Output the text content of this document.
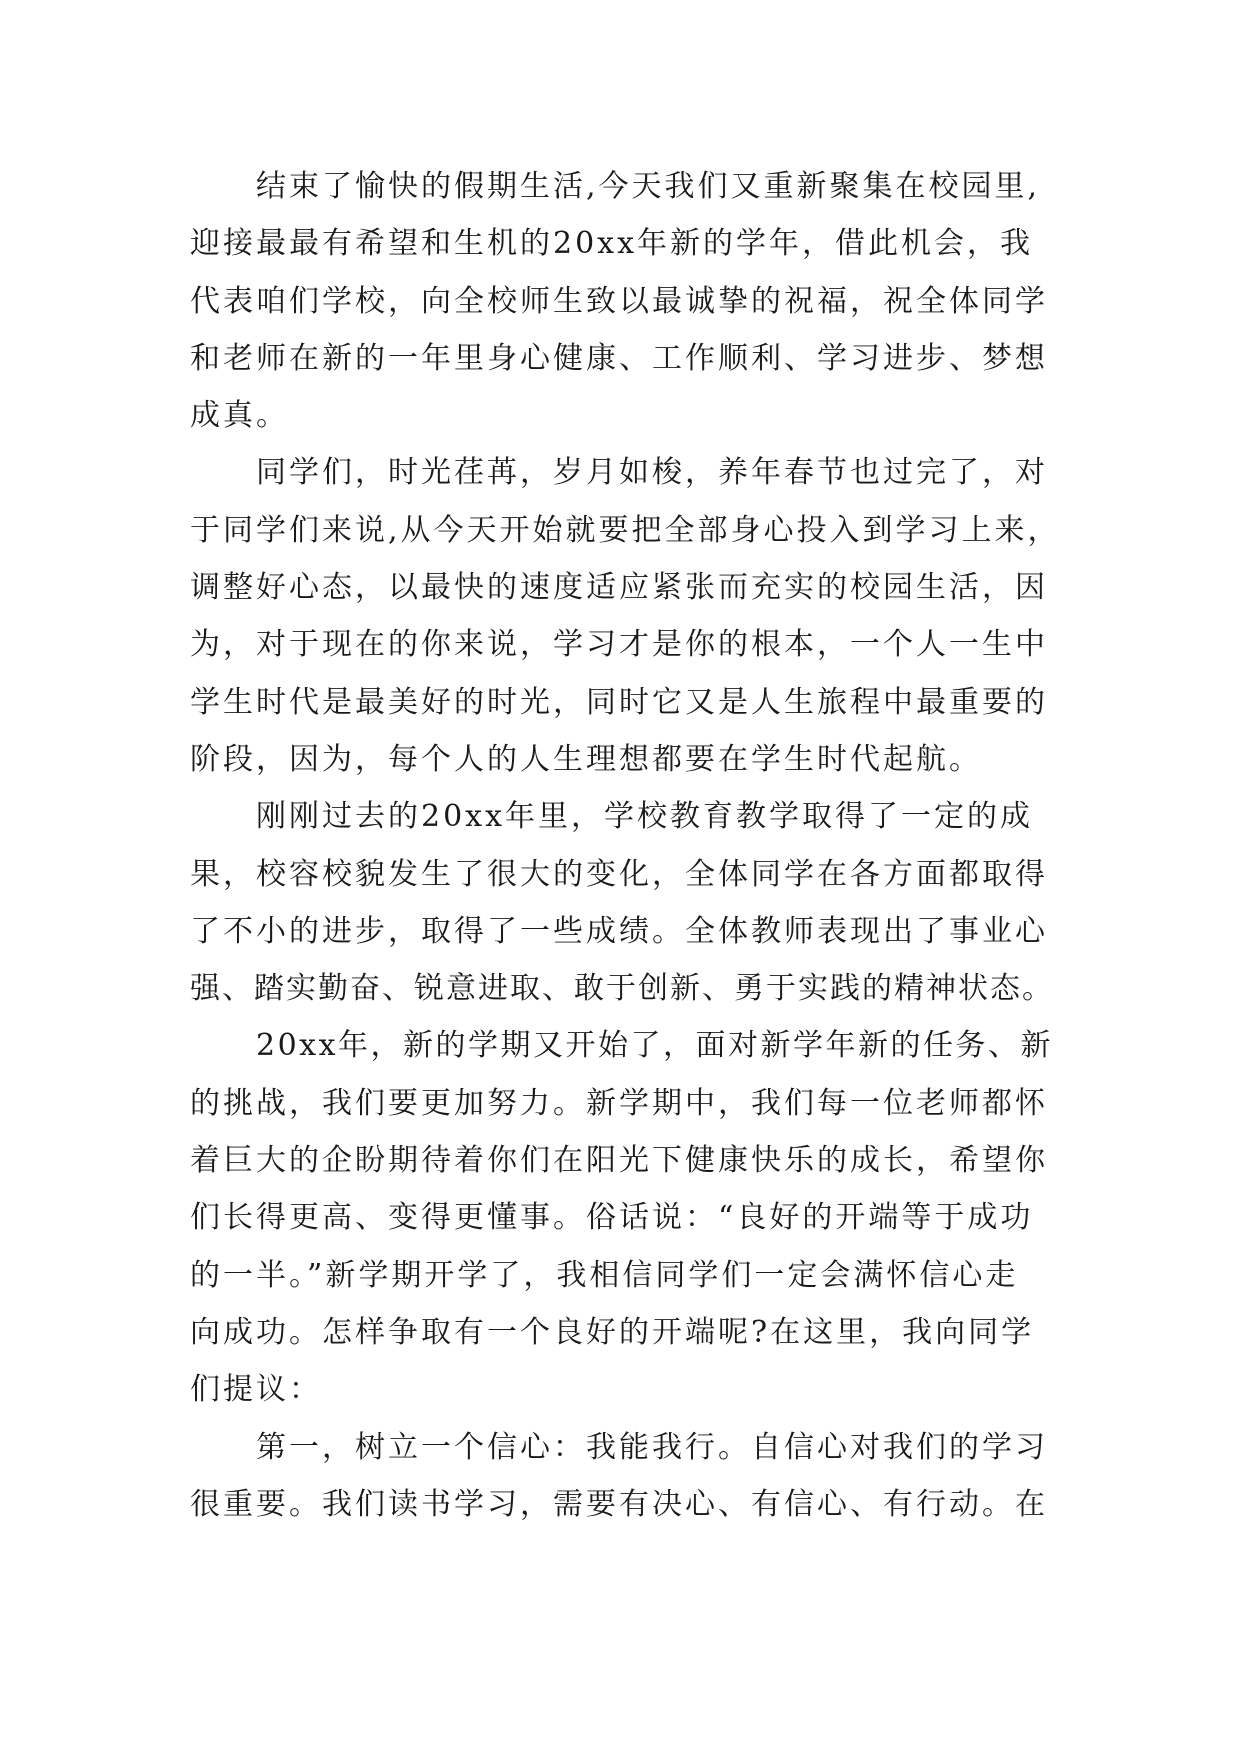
结束了愉快的假期生活,今天我们又重新聚集在校园里,
迎接最最有希望和生机的20xx年新的学年，借此机会，我
代表咱们学校，向全校师生致以最诚挚的祝福，祝全体同学
和老师在新的一年里身心健康、工作顺利、学习进步、梦想
成真。
同学们，时光荏苒，岁月如梭，养年春节也过完了，对
于同学们来说,从今天开始就要把全部身心投入到学习上来，
调整好心态，以最快的速度适应紧张而充实的校园生活，因
为，对于现在的你来说，学习才是你的根本，一个人一生中
学生时代是最美好的时光，同时它又是人生旅程中最重要的
阶段，因为，每个人的人生理想都要在学生时代起航。
刚刚过去的20xx年里，学校教育教学取得了一定的成
果，校容校貌发生了很大的变化，全体同学在各方面都取得
了不小的进步，取得了一些成绩。全体教师表现出了事业心
强、踏实勤奋、锐意进取、敢于创新、勇于实践的精神状态。
20xx年，新的学期又开始了，面对新学年新的任务、新
的挑战，我们要更加努力。新学期中，我们每一位老师都怀
着巨大的企盼期待着你们在阳光下健康快乐的成长，希望你
们长得更高、变得更懂事。俗话说：“良好的开端等于成功
的一半。”新学期开学了，我相信同学们一定会满怀信心走
向成功。怎样争取有一个良好的开端呢?在这里，我向同学
们提议：
第一，树立一个信心：我能我行。自信心对我们的学习
很重要。我们读书学习，需要有决心、有信心、有行动。在
